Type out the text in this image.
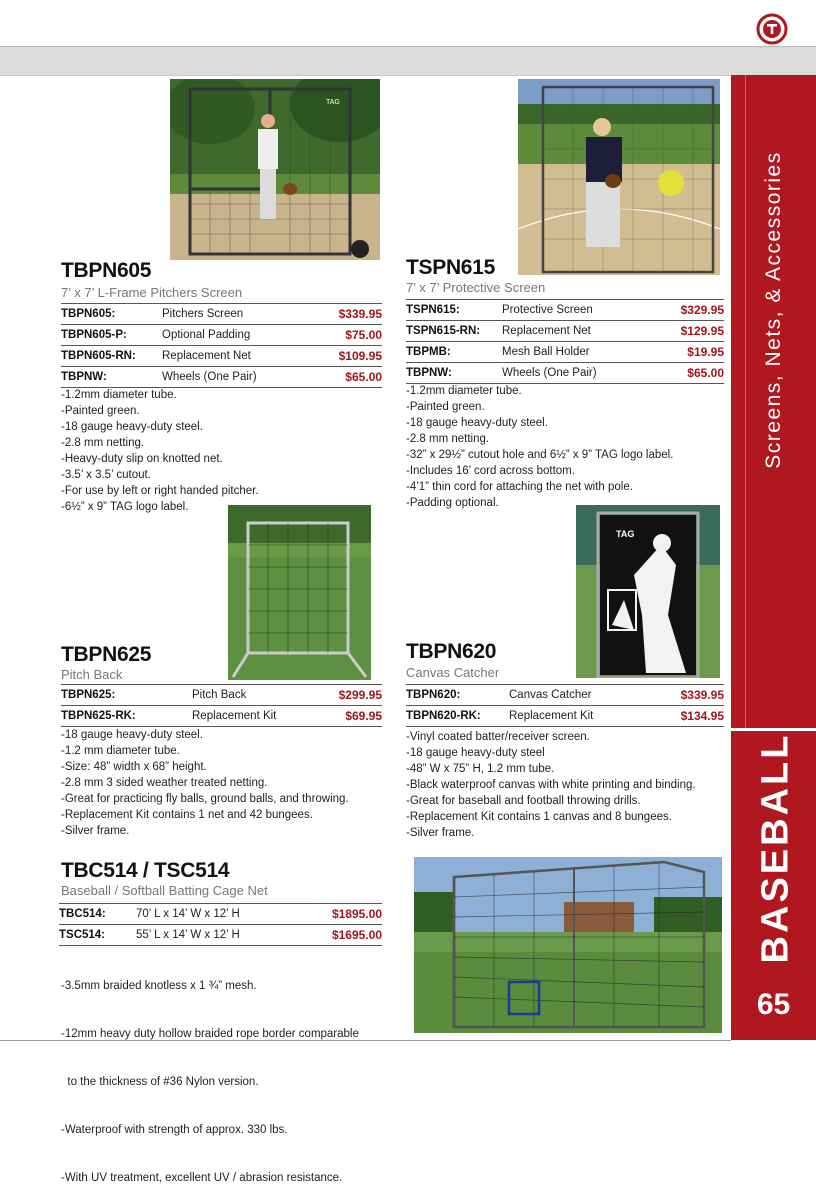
Screens, Nets, & Accessories
BASEBALL
65
TAG
TAG
TBPN605
7’ x 7’ L-Frame Pitchers Screen
TBPN605:	Pitchers Screen	$339.95
TBPN605-P:	Optional Padding	$75.00
TBPN605-RN: Replacement Net	$109.95
TBPNW:	Wheels (One Pair)	$65.00
-1.2mm diameter tube.
-Painted green.
-18 gauge heavy-duty steel.
-2.8 mm netting.
-Heavy-duty slip on knotted net.
-3.5’ x 3.5’ cutout.
-For use by left or right handed pitcher.
-6½” x 9” TAG logo label.
TSPN615
7’ x 7’ Protective Screen
TSPN615:	Protective Screen	$329.95
TSPN615-RN: Replacement Net	$129.95
TBPMB:	Mesh Ball Holder	$19.95
TBPNW:	Wheels (One Pair)	$65.00
-1.2mm diameter tube.
-Painted green.
-18 gauge heavy-duty steel.
-2.8 mm netting.
-32” x 29½” cutout hole and 6½” x 9” TAG logo label.
-Includes 16’ cord across bottom.
-4’1” thin cord for attaching the net with pole.
-Padding optional.
TBPN625
Pitch Back
TBPN625:	Pitch Back	$299.95
TBPN625-RK:	Replacement Kit	$69.95
-18 gauge heavy-duty steel.
-1.2 mm diameter tube.
-Size: 48” width x 68” height.
-2.8 mm 3 sided weather treated netting.
-Great for practicing fly balls, ground balls, and throwing.
-Replacement Kit contains 1 net and 42 bungees.
-Silver frame.
TBPN620
Canvas Catcher
TBPN620:	Canvas Catcher	$339.95
TBPN620-RK: Replacement Kit	$134.95
-Vinyl coated batter/receiver screen.
-18 gauge heavy-duty steel
-48” W x 75” H, 1.2 mm tube.
-Black waterproof canvas with white printing and binding.
-Great for baseball and football throwing drills.
-Replacement Kit contains 1 canvas and 8 bungees.
-Silver frame.
TBC514 / TSC514
Baseball / Softball Batting Cage Net
TBC514:	70’ L x 14’ W x 12’ H	$1895.00
TSC514:	55’ L x 14’ W x 12’ H	$1695.00

-3.5mm braided knotless x 1 ¾” mesh.

-12mm heavy duty hollow braided rope border comparable

to the thickness of #36 Nylon version.

-Waterproof with strength of approx. 330 lbs.

-With UV treatment, excellent UV / abrasion resistance.
